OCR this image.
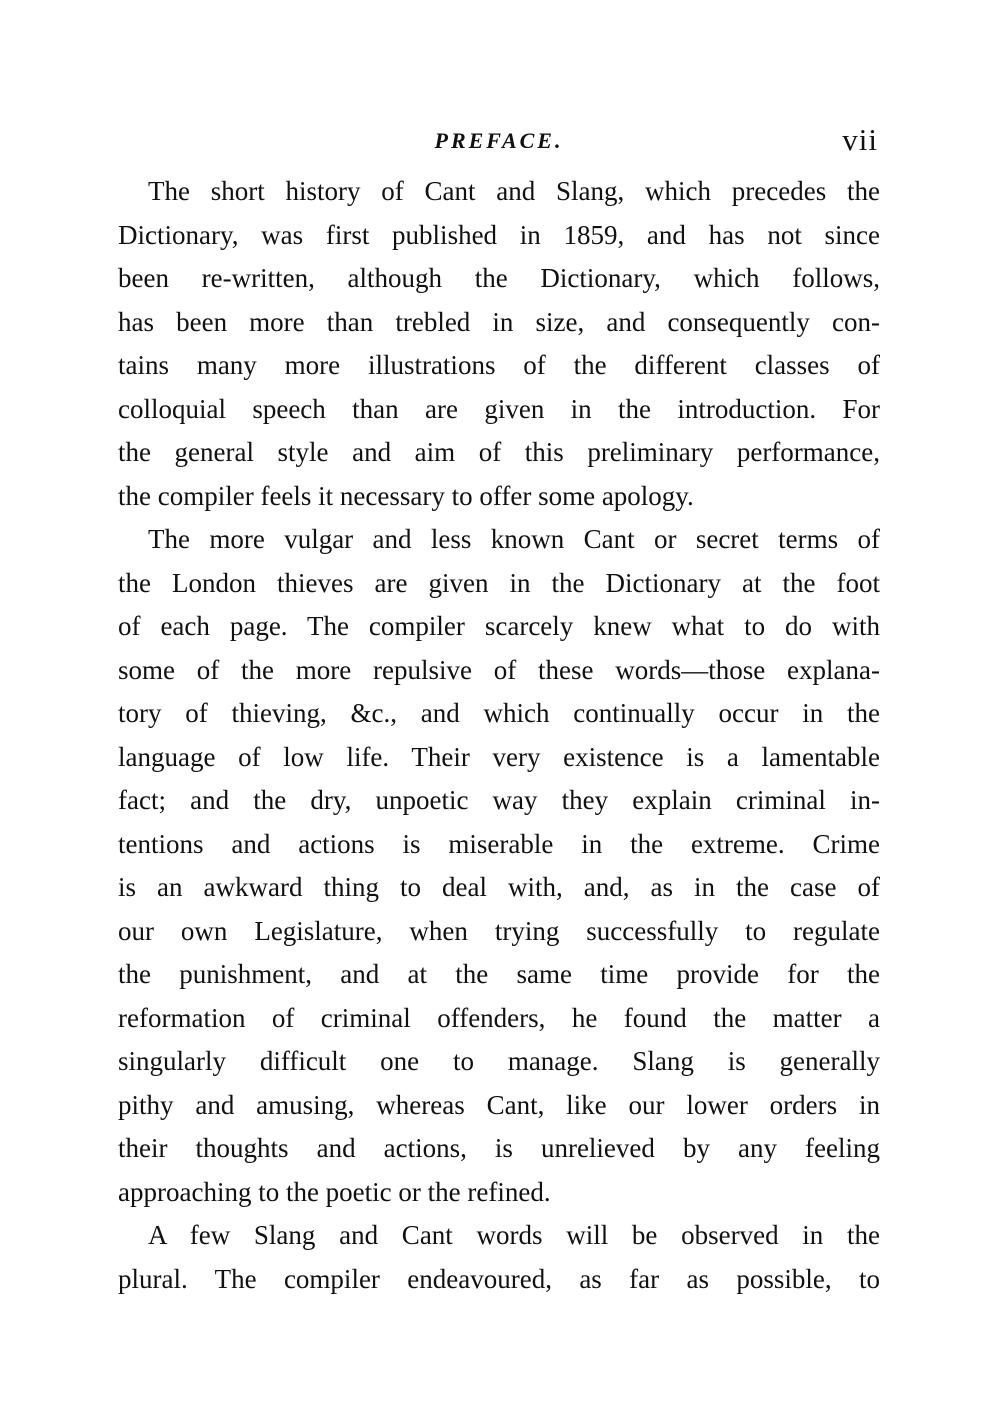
PREFACE.	vii
The short history of Cant and Slang, which precedes the
Dictionary, was first published in 1859, and has not since
been re-written, although the Dictionary, which follows,
has been more than trebled in size, and consequently con-
tains many more illustrations of the different classes of
colloquial speech than are given in the introduction. For
the general style and aim of this preliminary performance,
the compiler feels it necessary to offer some apology.
The more vulgar and less known Cant or secret terms of
the London thieves are given in the Dictionary at the foot
of each page. The compiler scarcely knew what to do with
some of the more repulsive of these words—those explana-
tory of thieving, &c., and which continually occur in the
language of low life. Their very existence is a lamentable
fact; and the dry, unpoetic way they explain criminal in-
tentions and actions is miserable in the extreme. Crime
is an awkward thing to deal with, and, as in the case of
our own Legislature, when trying successfully to regulate
the punishment, and at the same time provide for the
reformation of criminal offenders, he found the matter a
singularly difficult one to manage. Slang is generally
pithy and amusing, whereas Cant, like our lower orders in
their thoughts and actions, is unrelieved by any feeling
approaching to the poetic or the refined.
A few Slang and Cant words will be observed in the
plural. The compiler endeavoured, as far as possible, to
